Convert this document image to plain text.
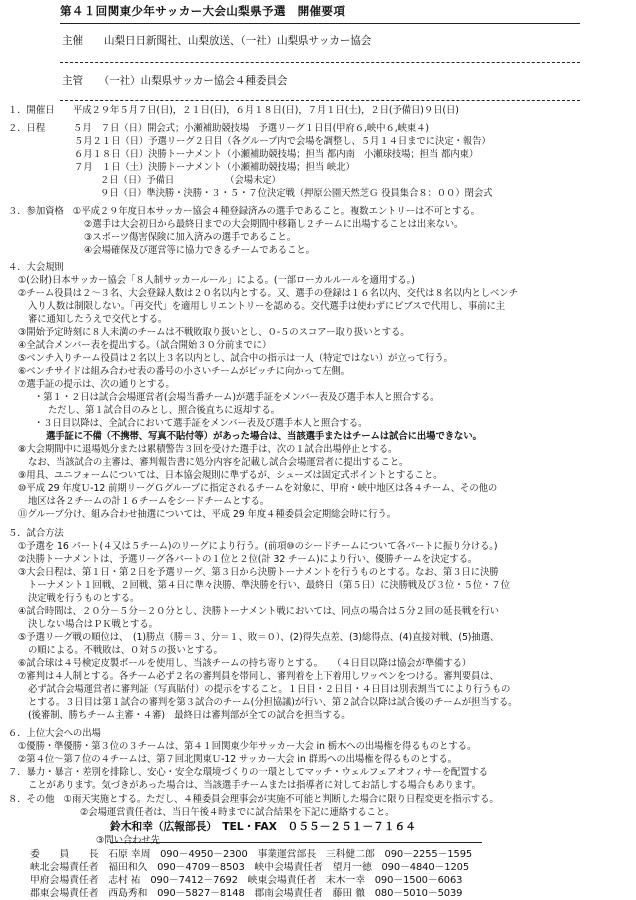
第４１回関東少年サッカー大会山梨県予選　開催要項
主催　　山梨日日新聞社、山梨放送、（一社）山梨県サッカー協会
主管　　（一社）山梨県サッカー協会４種委員会
１．開催日　　平成２９年５月７日(日)，２１日(日)，６月１８日(日)，７月１日(土)，２日(予備日)９日(日)
２．日程　　　５月　７日（日）開会式；小瀬補助競技場　予選リーグ１日目(甲府６,峡中６,峡東４)
５月２１日（日）予選リーグ２日目（各グループ内で会場を調整し、５月１４日までに決定・報告）
６月１８日（日）決勝トーナメント（小瀬補助競技場；担当 都内南　小瀬球技場；担当 都内東）
７月　１日（土）決勝トーナメント（小瀬補助競技場；担当 峡北）
２日（日）予備日　　　　　　（会場未定）
９日（日）準決勝・決勝・３・５・７位決定戦（押原公園天然芝Ｇ 役員集合８：００）閉会式
３．参加資格　①平成２９年度日本サッカー協会４種登録済みの選手であること。複数エントリーは不可とする。
②選手は大会初日から最終日までの大会期間中移籍し２チームに出場することは出来ない。
③スポーツ傷害保険に加入済みの選手であること。
④会場確保及び運営等に協力できるチームであること。
４．大会規則
①(公財)日本サッカー協会「８人制サッカールール」による。(一部ローカルルールを適用する。)
②チーム役員は２～３名、大会登録人数は２０名以内とする。又、選手の登録は１６名以内、交代は８名以内としベンチ
入り人数は制限しない。「再交代」を適用しリエントリーを認める。交代選手は使わずにビブスで代用し、事前に主
審に通知したうえで交代とする。
③開始予定時刻に８人未満のチームは不戦敗取り扱いとし、０-５のスコアー取り扱いとする。
④全試合メンバー表を提出する。（試合開始３０分前までに）
⑤ベンチ入りチーム役員は２名以上３名以内とし、試合中の指示は一人（特定ではない）が立って行う。
⑥ベンチサイドは組み合わせ表の番号の小さいチームがピッチに向かって左側。
⑦選手証の提示は、次の通りとする。
・第１・２日は試合会場運営者(会場当番チーム)が選手証をメンバー表及び選手本人と照合する。
ただし、第１試合目のみとし、照合後直ちに返却する。
・３日目以降は、全試合において選手証をメンバー表及び選手本人と照合する。
選手証に不備（不携帯、写真不貼付等）があった場合は、当該選手またはチームは試合に出場できない。
⑧大会期間中に退場処分または累積警告３回を受けた選手は、次の１試合出場停止とする。
なお、当該試合の主審は、審判報告書に処分内容を記載し試合会場運営者に提出すること。
⑨用具、ユニフォームについては、日本協会規則に準ずるが、シューズは固定式ポイントとすること。
⑩平成 29 年度Ｕ-12 前期リーグＧグループに指定されるチームを対象に、甲府・峡中地区は各４チーム、その他の
地区は各２チームの計１６チームをシードチームとする。
⑪グループ分け、組み合わせ抽選については、平成 29 年度４種委員会定期総会時に行う。
５．試合方法
①予選を 16 パート(４又は５チーム)のリーグにより行う。(前項⑩のシードチームについて各パートに振り分ける。)
②決勝トーナメントは、予選リーグ各パートの１位と２位(計 32 チーム)により行い、優勝チームを決定する。
③大会日程は、第１日・第２日を予選リーグ、第３日から決勝トーナメントを行うものとする。なお、第３日に決勝
トーナメント１回戦、２回戦、第４日に準々決勝、準決勝を行い、最終日（第５日）に決勝戦及び３位・５位・７位
決定戦を行うものとする。
④試合時間は、２０分－５分－２０分とし、決勝トーナメント戦においては、同点の場合は５分２回の延長戦を行い
決しない場合はＰＫ戦とする。
⑤予選リーグ戦の順位は、　(1)勝点（勝＝３、分＝１、敗＝０）、(2)得失点差、(3)総得点、(4)直接対戦、(5)抽選、
の順による。不戦敗は、０対５の扱いとする。
⑥試合球は４号検定皮製ボールを使用し、当該チームの持ち寄りとする。　　（４日目以降は協会が準備する）
⑦審判は４人制とする。各チーム必ず２名の審判員を帯同し、審判着を上下着用しワッペンをつける。審判要員は、
必ず試合会場運営者に審判証（写真貼付）の提示をすること。１日目・２日目・４日目は別表割当てにより行うもの
とする。３日目は第１試合の審判を第３試合のチーム(分担協議)が行い、第２試合以降は試合後のチームが担当する。
(後審制、勝ちチーム主審・４審)　最終日は審判部が全ての試合を担当する。
６．上位大会への出場
①優勝・準優勝・第３位の３チームは、第４１回関東少年サッカー大会 in 栃木への出場権を得るものとする。
②第４位～第７位の４チームは、第７回北関東Ｕ-12 サッカー大会 in 群馬への出場権を得るものとする。
７．暴力・暴言・差別を排除し、安心・安全な環境づくりの一環としてマッチ・ウェルフェアオフィサーを配置する
ことがあります。気づきがあった場合は、当該選手チームまたは指導者に対してお話しする場合もあります。
８．その他　①雨天実施とする。ただし、４種委員会理事会が実施不可能と判断した場合に限り日程変更を指示する。
②会場運営責任者は、当日午後４時までに試合結果を下記に連絡すること。
鈴木和幸（広報部長）　TEL・FAX　０５５－２５１－７１６４
③問い合わせ先
委　　員　　長　石原 幸周　090－4950－2300　事業運営部長　三科健二郎　090－2255－1595
峡北会場責任者　福田和久　090－4709－8503　峡中会場責任者　望月一徳　090－4840－1205
甲府会場責任者　志村 祐　090－7412－7692　峡東会場責任者　末木一幸　090－1500－6063
郡東会場責任者　西島秀和　090－5827－8148　郡南会場責任者　藤田 徹　080－5010－5039
